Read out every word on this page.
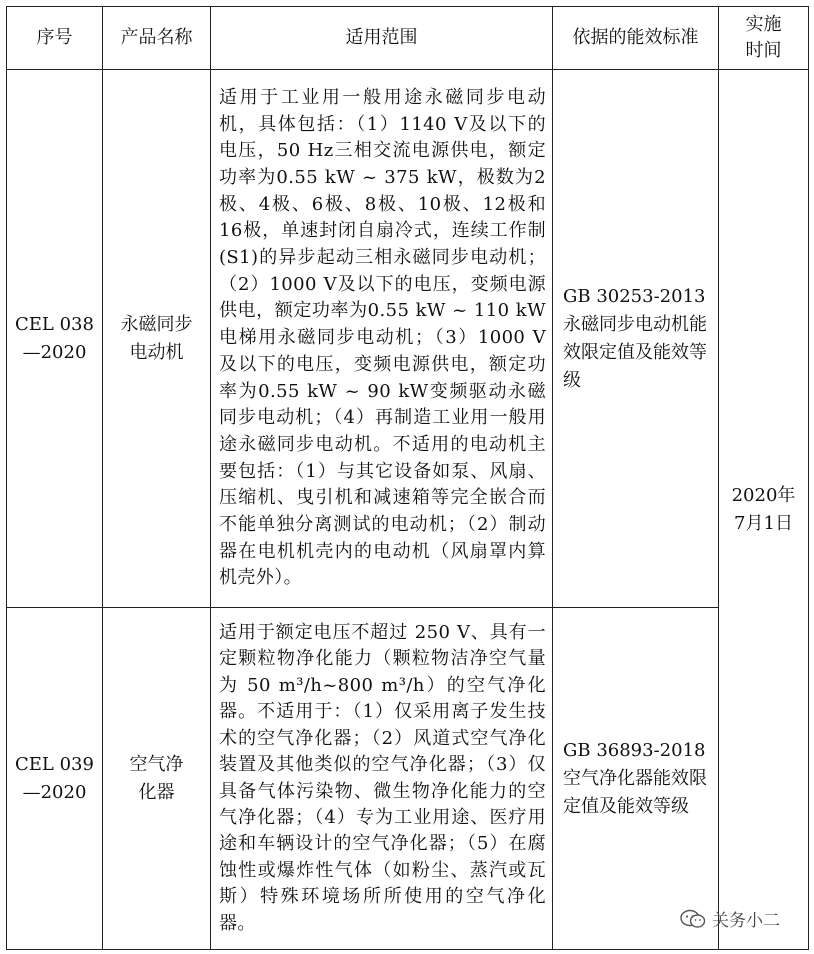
序号	产品名称	适用范围	依据的能效标准	实施
时间
CEL 038
—2020	永磁同步
电动机	适用于工业用一般用途永磁同步电动机，具体包括：（1）1140 V及以下的电压，50 Hz三相交流电源供电，额定功率为0.55 kW ~ 375 kW，极数为2极、4极、6极、8极、10极、12极和16极，单速封闭自扇冷式，连续工作制(S1)的异步起动三相永磁同步电动机；（2）1000 V及以下的电压，变频电源供电，额定功率为0.55 kW ~ 110 kW电梯用永磁同步电动机；（3）1000 V及以下的电压，变频电源供电，额定功率为0.55 kW ~ 90 kW变频驱动永磁同步电动机；（4）再制造工业用一般用途永磁同步电动机。不适用的电动机主要包括：（1）与其它设备如泵、风扇、压缩机、曳引机和减速箱等完全嵌合而不能单独分离测试的电动机；（2）制动器在电机机壳内的电动机（风扇罩内算机壳外）。	GB 30253-2013
永磁同步电动机能效限定值及能效等级	2020年
7月1日
CEL 039
—2020	空气净
化器	适用于额定电压不超过 250 V、具有一定颗粒物净化能力（颗粒物洁净空气量为 50 m³/h~800 m³/h）的空气净化器。不适用于：（1）仅采用离子发生技术的空气净化器；（2）风道式空气净化装置及其他类似的空气净化器；（3）仅具备气体污染物、微生物净化能力的空气净化器；（4）专为工业用途、医疗用途和车辆设计的空气净化器；（5）在腐蚀性或爆炸性气体（如粉尘、蒸汽或瓦斯）特殊环境场所所使用的空气净化器。	GB 36893-2018
空气净化器能效限定值及能效等级	
关务小二
